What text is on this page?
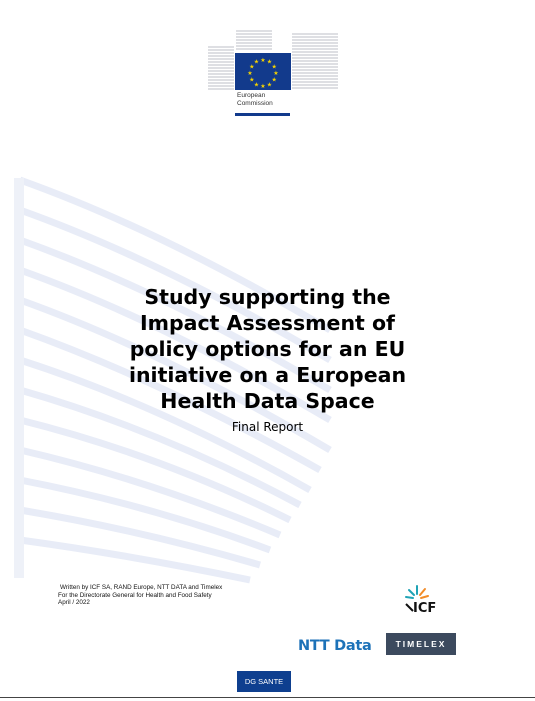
★ ★
★
★
★
★
★
★
★
★
★
★
European
Commission
Study supporting the
Impact Assessment of
policy options for an EU
initiative on a European
Health Data Space
Final Report
Written by ICF SA, RAND Europe, NTT DATA and Timelex
For the Directorate General for Health and Food Safety
April / 2022	ICF
NTT Data	TIMELEX
DG SANTE
